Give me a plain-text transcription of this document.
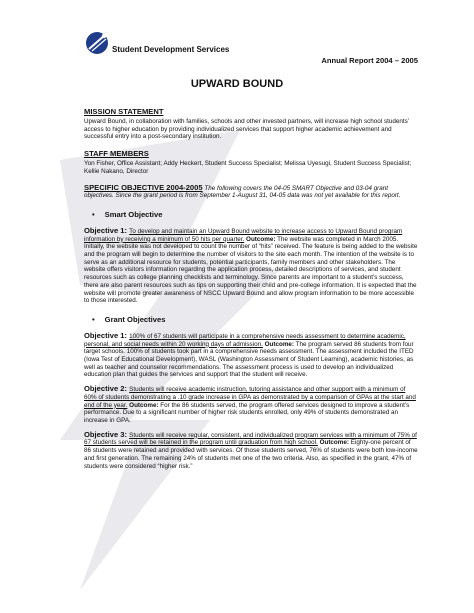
Student Development Services
Annual Report 2004 – 2005
UPWARD BOUND
MISSION STATEMENT

Upward Bound, in collaboration with families, schools and other invested partners, will increase high school students’ access to higher education by providing individualized services that support higher academic achievement and successful entry into a post-secondary institution.

STAFF MEMBERS

Yon Fisher, Office Assistant; Addy Heckert, Student Success Specialist; Melissa Uyesugi, Student Success Specialist; Kellie Nakano, Director

SPECIFIC OBJECTIVE 2004-2005 The following covers the 04-05 SMART Objective and 03-04 grant objectives. Since the grant period is from September 1-August 31, 04-05 data was not yet available for this report.

• Smart Objective

Objective 1: To develop and maintain an Upward Bound website to increase access to Upward Bound program information by receiving a minimum of 50 hits per quarter. Outcome: The website was completed in March 2005. Initially, the website was not developed to count the number of “hits” received. The feature is being added to the website and the program will begin to determine the number of visitors to the site each month. The intention of the website is to serve as an additional resource for students, potential participants, family members and other stakeholders. The website offers visitors information regarding the application process, detailed descriptions of services, and student resources such as college planning checklists and terminology. Since parents are important to a student’s success, there are also parent resources such as tips on supporting their child and pre-college information. It is expected that the website will promote greater awareness of NSCC Upward Bound and allow program information to be more accessible to those interested.

• Grant Objectives

Objective 1: 100% of 67 students will participate in a comprehensive needs assessment to determine academic, personal, and social needs within 20 working days of admission. Outcome: The program served 86 students from four target schools. 100% of students took part in a comprehensive needs assessment. The assessment included the ITED (Iowa Test of Educational Development), WASL (Washington Assessment of Student Learning), academic histories, as well as teacher and counselor recommendations. The assessment process is used to develop an individualized education plan that guides the services and support that the student will receive.

Objective 2: Students will receive academic instruction, tutoring assistance and other support with a minimum of 60% of students demonstrating a .10 grade increase in GPA as demonstrated by a comparison of GPAs at the start and end of the year. Outcome: For the 86 students served, the program offered services designed to improve a student’s performance. Due to a significant number of higher risk students enrolled, only 49% of students demonstrated an increase in GPA.

Objective 3: Students will receive regular, consistent, and individualized program services with a minimum of 75% of 67 students served will be retained in the program until graduation from high school. Outcome: Eighty-one percent of 86 students were retained and provided with services. Of those students served, 76% of students were both low-income and first generation. The remaining 24% of students met one of the two criteria. Also, as specified in the grant, 47% of students were considered “higher risk.”
